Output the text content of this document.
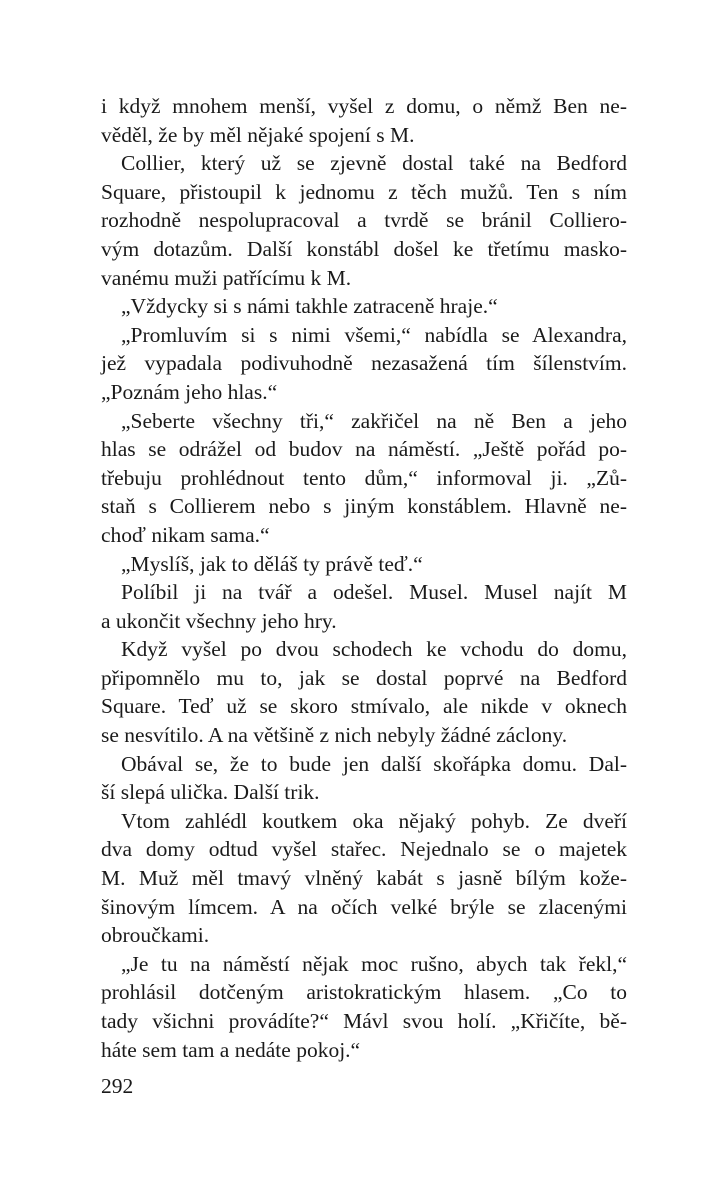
i když mnohem menší, vyšel z domu, o němž Ben ne-
věděl, že by měl nějaké spojení s M.
Collier, který už se zjevně dostal také na Bedford
Square, přistoupil k jednomu z těch mužů. Ten s ním
rozhodně nespolupracoval a tvrdě se bránil Colliero-
vým dotazům. Další konstábl došel ke třetímu masko-
vanému muži patřícímu k M.
„Vždycky si s námi takhle zatraceně hraje.“
„Promluvím si s nimi všemi,“ nabídla se Alexandra,
jež vypadala podivuhodně nezasažená tím šílenstvím.
„Poznám jeho hlas.“
„Seberte všechny tři,“ zakřičel na ně Ben a jeho
hlas se odrážel od budov na náměstí. „Ještě pořád po-
třebuju prohlédnout tento dům,“ informoval ji. „Zů-
staň s Collierem nebo s jiným konstáblem. Hlavně ne-
choď nikam sama.“
„Myslíš, jak to děláš ty právě teď.“
Políbil ji na tvář a odešel. Musel. Musel najít M
a ukončit všechny jeho hry.
Když vyšel po dvou schodech ke vchodu do domu,
připomnělo mu to, jak se dostal poprvé na Bedford
Square. Teď už se skoro stmívalo, ale nikde v oknech
se nesvítilo. A na většině z nich nebyly žádné záclony.
Obával se, že to bude jen další skořápka domu. Dal-
ší slepá ulička. Další trik.
Vtom zahlédl koutkem oka nějaký pohyb. Ze dveří
dva domy odtud vyšel stařec. Nejednalo se o majetek
M. Muž měl tmavý vlněný kabát s jasně bílým kože-
šinovým límcem. A na očích velké brýle se zlacenými
obroučkami.
„Je tu na náměstí nějak moc rušno, abych tak řekl,“
prohlásil dotčeným aristokratickým hlasem. „Co to
tady všichni provádíte?“ Mávl svou holí. „Křičíte, bě-
háte sem tam a nedáte pokoj.“
292
